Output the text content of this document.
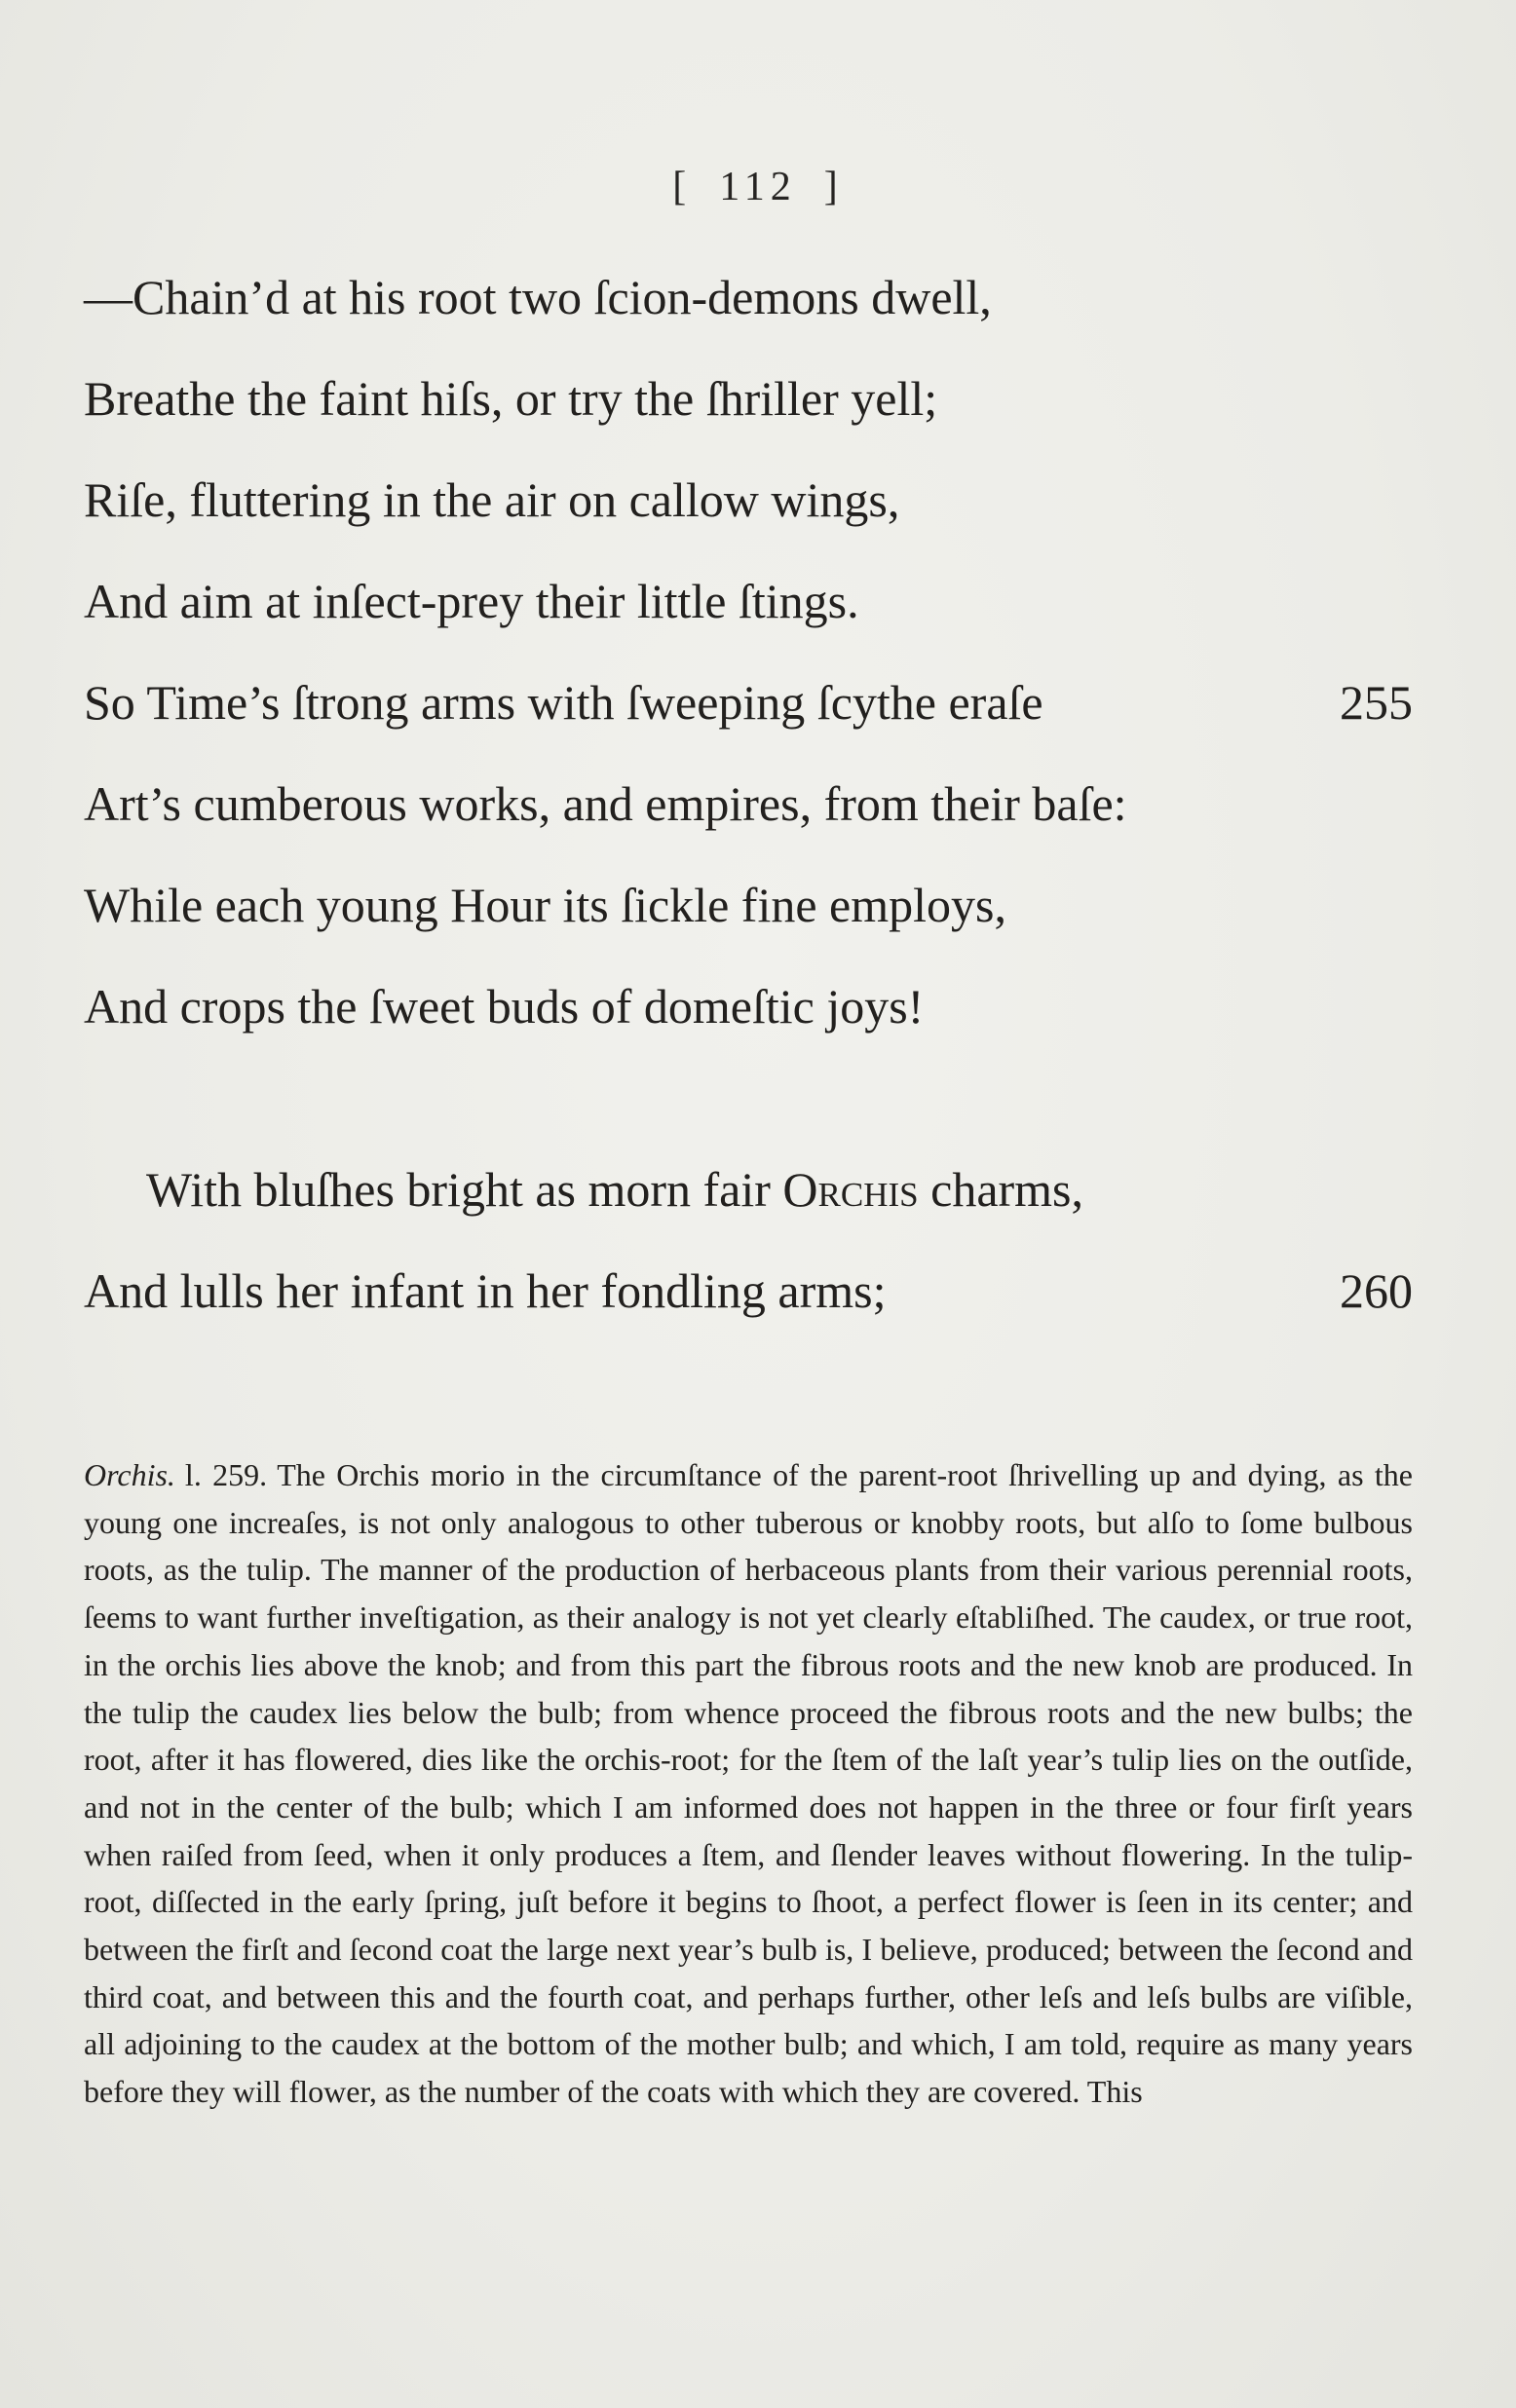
[ 112 ]
—Chain’d at his root two ſcion-demons dwell,
Breathe the faint hiſs, or try the ſhriller yell;
Riſe, fluttering in the air on callow wings,
And aim at inſect-prey their little ſtings.
So Time’s ſtrong arms with ſweeping ſcythe eraſe	255
Art’s cumberous works, and empires, from their baſe:
While each young Hour its ſickle fine employs,
And crops the ſweet buds of domeſtic joys!
With bluſhes bright as morn fair Orchis charms,
And lulls her infant in her fondling arms;	260

Orchis. l. 259. The Orchis morio in the circumſtance of the parent-root ſhrivelling up and dying, as the young one increaſes, is not only analogous to other tuberous or knobby roots, but alſo to ſome bulbous roots, as the tulip. The manner of the production of herbaceous plants from their various perennial roots, ſeems to want further inveſtigation, as their analogy is not yet clearly eſtabliſhed. The caudex, or true root, in the orchis lies above the knob; and from this part the fibrous roots and the new knob are produced. In the tulip the caudex lies below the bulb; from whence proceed the fibrous roots and the new bulbs; the root, after it has flowered, dies like the orchis-root; for the ſtem of the laſt year’s tulip lies on the outſide, and not in the center of the bulb; which I am informed does not happen in the three or four firſt years when raiſed from ſeed, when it only produces a ſtem, and ſlender leaves without flowering. In the tulip-root, diſſected in the early ſpring, juſt before it begins to ſhoot, a perfect flower is ſeen in its center; and between the firſt and ſecond coat the large next year’s bulb is, I believe, produced; between the ſecond and third coat, and between this and the fourth coat, and perhaps further, other leſs and leſs bulbs are viſible, all adjoining to the caudex at the bottom of the mother bulb; and which, I am told, require as many years before they will flower, as the number of the coats with which they are covered. This
